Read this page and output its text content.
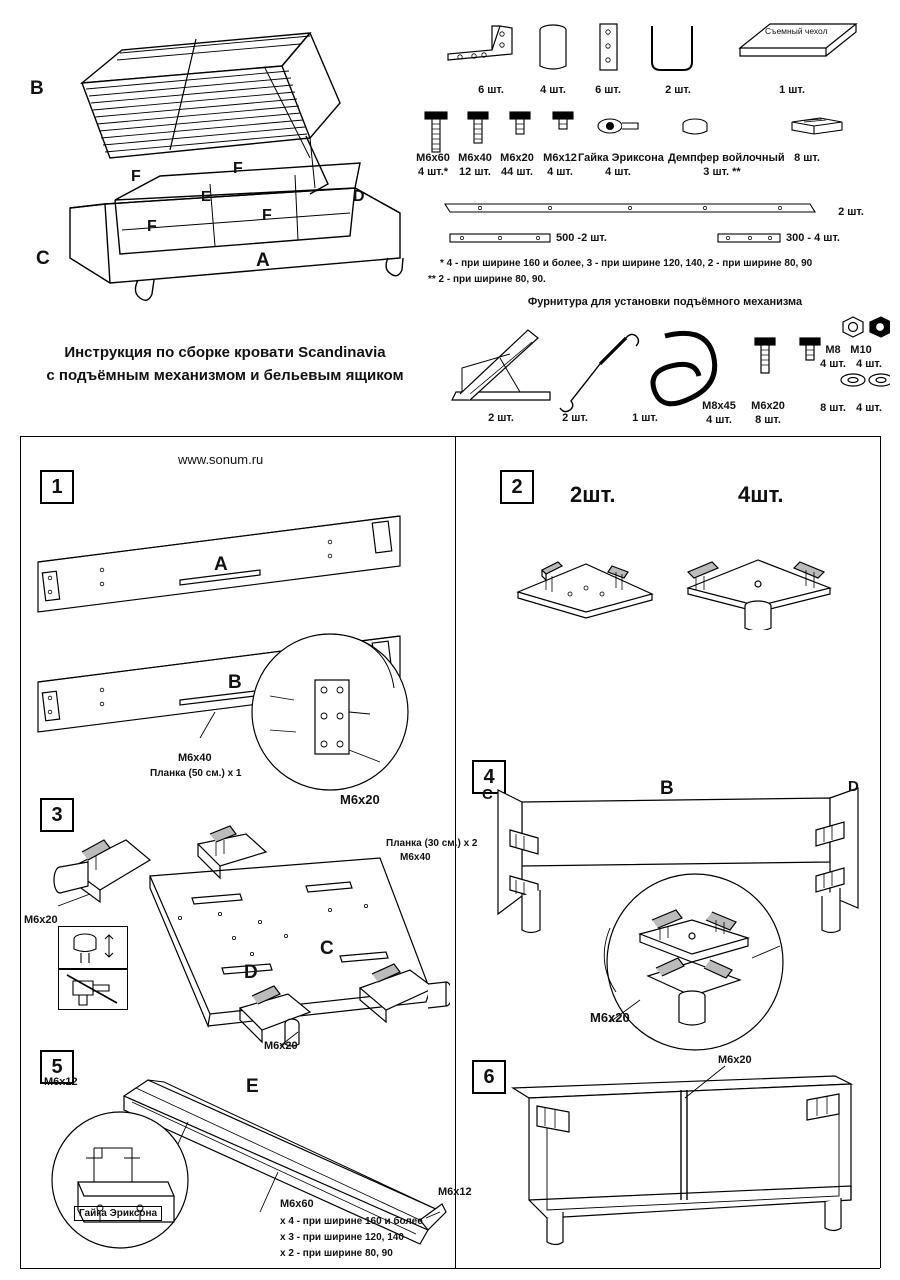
B
F	F
E	D
F
F
C	A
Инструкция по сборке кровати Scandinavia
с подъёмным механизмом и бельевым ящиком
www.sonum.ru
6 шт.	4 шт.	6 шт.	2 шт.	1 шт.
Съемный чехол
M6x60 M6x40 M6x20 M6x12 Гайка Эриксона Демпфер войлочный
4 шт.* 12 шт. 44 шт.	4 шт.	4 шт.	3 шт. **
8 шт.
2 шт.
500 -2 шт.	300 - 4 шт.
* 4 - при ширине 160 и более, 3 - при ширине 120, 140, 2 - при ширине 80, 90
** 2 - при ширине 80, 90.
Фурнитура для установки подъёмного механизма
2 шт.	2 шт.	1 шт.
M8x45
4 шт.
M6x20
8 шт.
M8 M10
4 шт. 4 шт.
8 шт. 4 шт.
1
A
B
M6x40
Планка (50 см.) х 1
M6x20
Планка (30 см.) х 2
M6x40
2	2шт.	4шт.
4
B
C	D
M6x20
3
M6x20
C
D
M6x20
5
M6x12	E
M6x12
Гайка Эриксона
M6x60
х 4 - при ширине 160 и более
х 3 - при ширине 120, 140
х 2 - при ширине 80, 90
6
M6x20
